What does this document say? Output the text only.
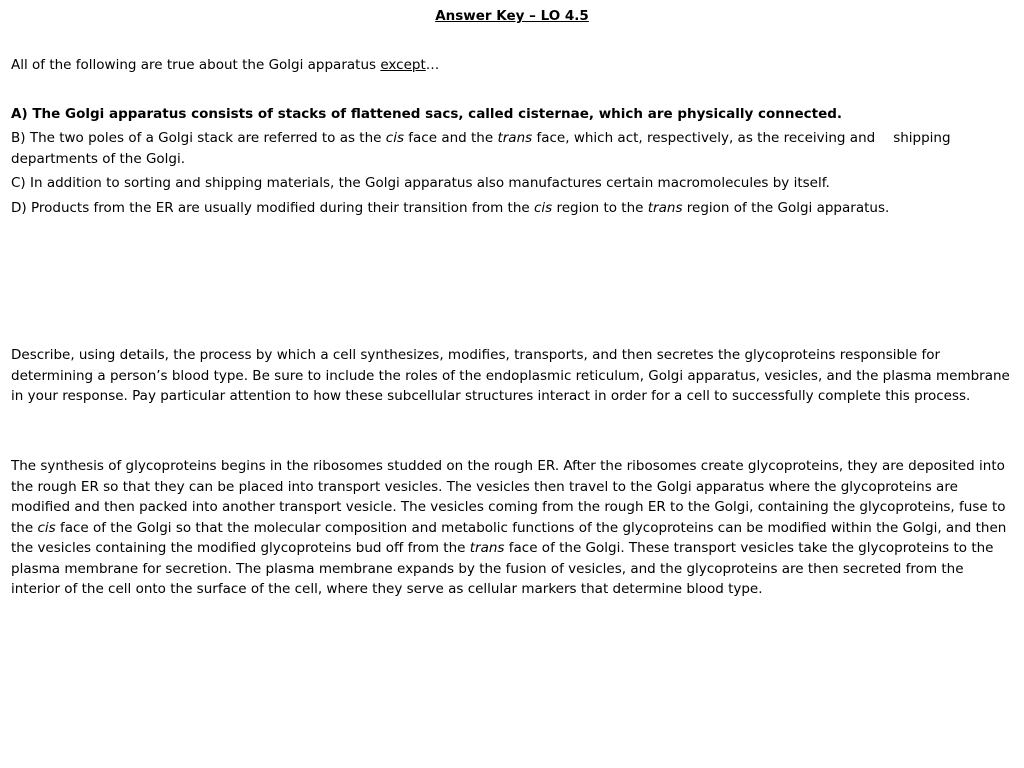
Answer Key – LO 4.5

All of the following are true about the Golgi apparatus except…

A) The Golgi apparatus consists of stacks of flattened sacs, called cisternae, which are physically connected.

B) The two poles of a Golgi stack are referred to as the cis face and the trans face, which act, respectively, as the receiving and shipping departments of the Golgi.

C) In addition to sorting and shipping materials, the Golgi apparatus also manufactures certain macromolecules by itself.

D) Products from the ER are usually modified during their transition from the cis region to the trans region of the Golgi apparatus.

Describe, using details, the process by which a cell synthesizes, modifies, transports, and then secretes the glycoproteins responsible for determining a person’s blood type. Be sure to include the roles of the endoplasmic reticulum, Golgi apparatus, vesicles, and the plasma membrane in your response. Pay particular attention to how these subcellular structures interact in order for a cell to successfully complete this process.

The synthesis of glycoproteins begins in the ribosomes studded on the rough ER. After the ribosomes create glycoproteins, they are deposited into the rough ER so that they can be placed into transport vesicles. The vesicles then travel to the Golgi apparatus where the glycoproteins are modified and then packed into another transport vesicle. The vesicles coming from the rough ER to the Golgi, containing the glycoproteins, fuse to the cis face of the Golgi so that the molecular composition and metabolic functions of the glycoproteins can be modified within the Golgi, and then the vesicles containing the modified glycoproteins bud off from the trans face of the Golgi. These transport vesicles take the glycoproteins to the plasma membrane for secretion. The plasma membrane expands by the fusion of vesicles, and the glycoproteins are then secreted from the interior of the cell onto the surface of the cell, where they serve as cellular markers that determine blood type.
